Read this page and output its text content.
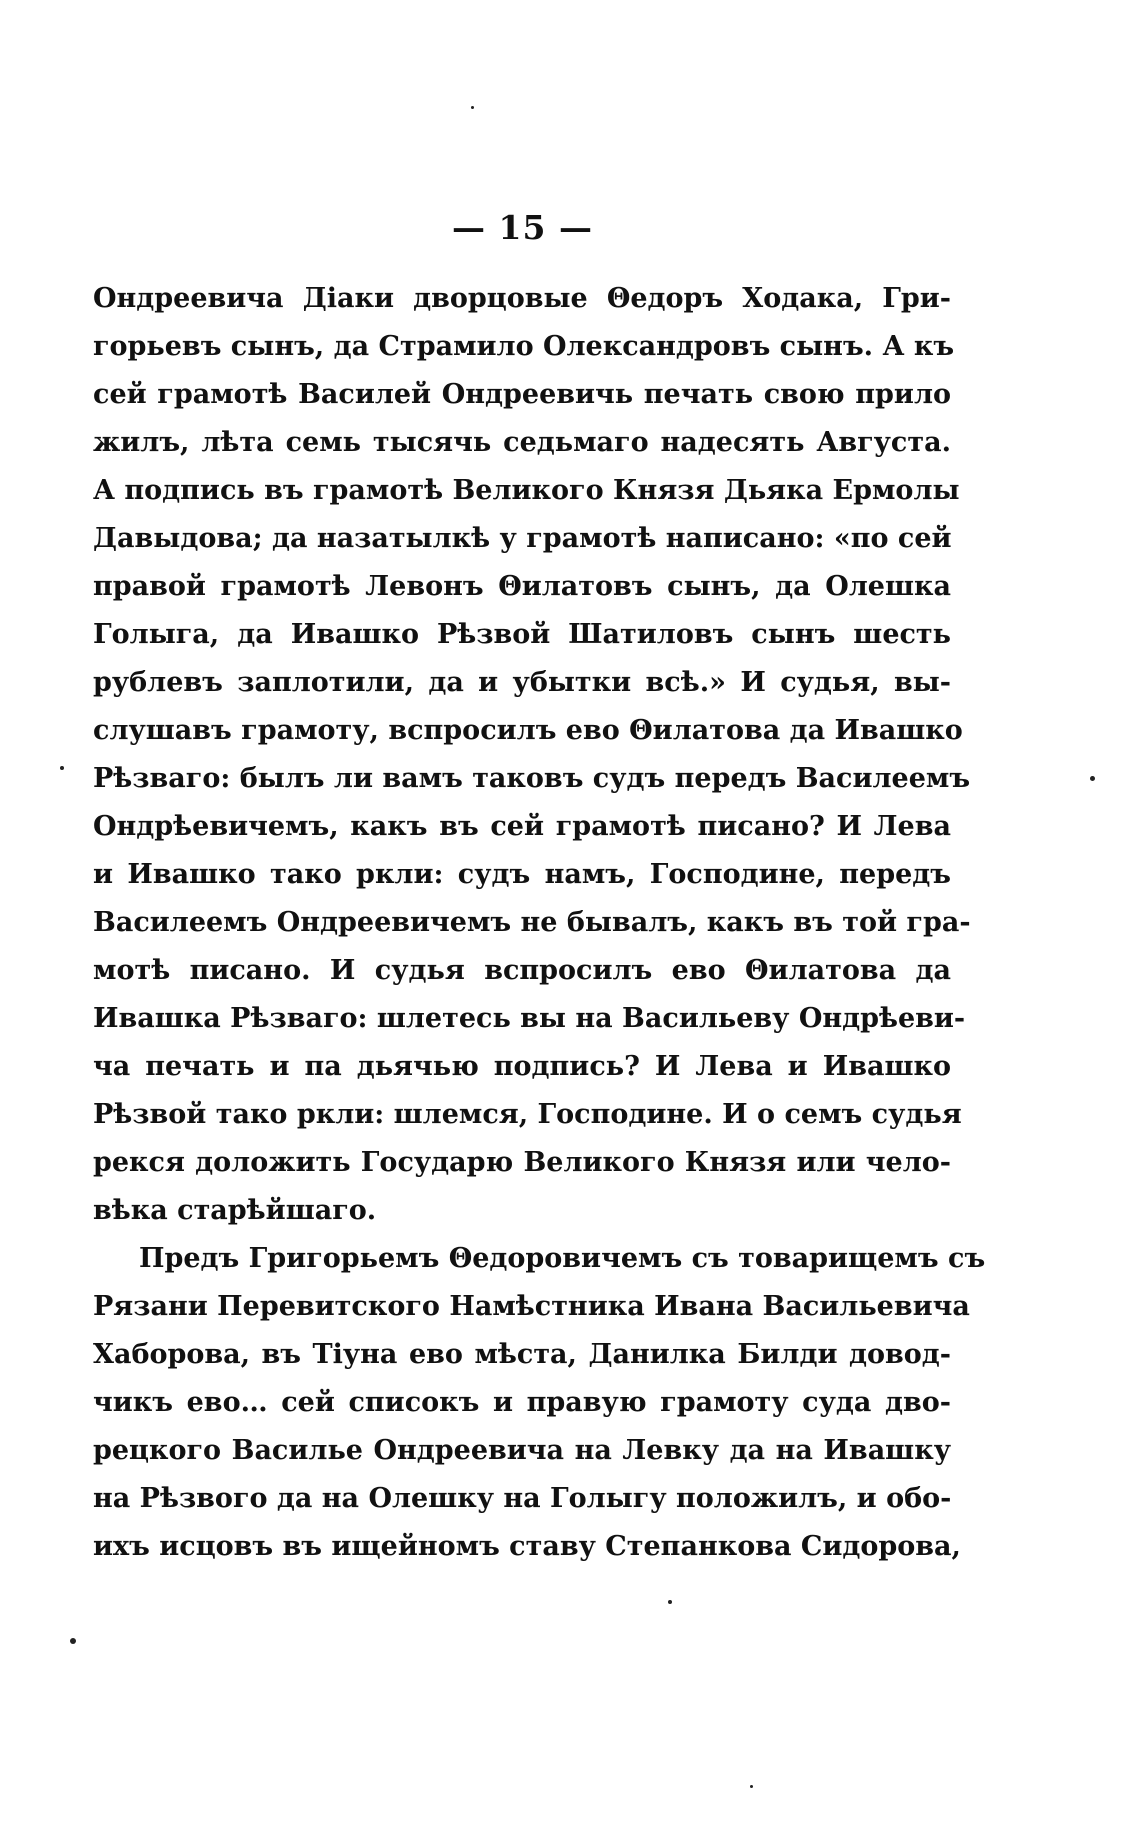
— 15 —
Ондреевича Дiаки дворцовые Θедоръ Ходака, Гри-
горьевъ сынъ, да Страмило Олександровъ сынъ. А къ
сей грамотѣ Василей Ондреевичь печать свою прило
жилъ, лѣта семь тысячь седьмаго надесять Августа.
А подпись въ грамотѣ Великого Князя Дьяка Ермолы
Давыдова; да назатылкѣ у грамотѣ написано: «по сей
правой грамотѣ Левонъ Θилатовъ сынъ, да Олешка
Голыга, да Ивашко Рѣзвой Шатиловъ сынъ шесть
рублевъ заплотили, да и убытки всѣ.» И судья, вы-
слушавъ грамоту, вспросилъ ево Θилатова да Ивашко
Рѣзваго: былъ ли вамъ таковъ судъ передъ Василеемъ
Ондрѣевичемъ, какъ въ сей грамотѣ писано? И Лева
и Ивашко тако ркли: судъ намъ, Господине, передъ
Василеемъ Ондреевичемъ не бывалъ, какъ въ той гра-
мотѣ писано. И судья вспросилъ ево Θилатова да
Ивашка Рѣзваго: шлетесь вы на Васильеву Ондрѣеви-
ча печать и па дьячью подпись? И Лева и Ивашко
Рѣзвой тако ркли: шлемся, Господине. И о семъ судья
рекся доложить Государю Великого Князя или чело-
вѣка старѣйшаго.
Предъ Григорьемъ Θедоровичемъ съ товарищемъ съ
Рязани Перевитского Намѣстника Ивана Васильевича
Хаборова, въ Тiуна ево мѣста, Данилка Билди довод-
чикъ ево… сей списокъ и правую грамоту суда дво-
рецкого Василье Ондреевича на Левку да на Ивашку
на Рѣзвого да на Олешку на Голыгу положилъ, и обо-
ихъ исцовъ въ ищейномъ ставу Степанкова Сидорова,
